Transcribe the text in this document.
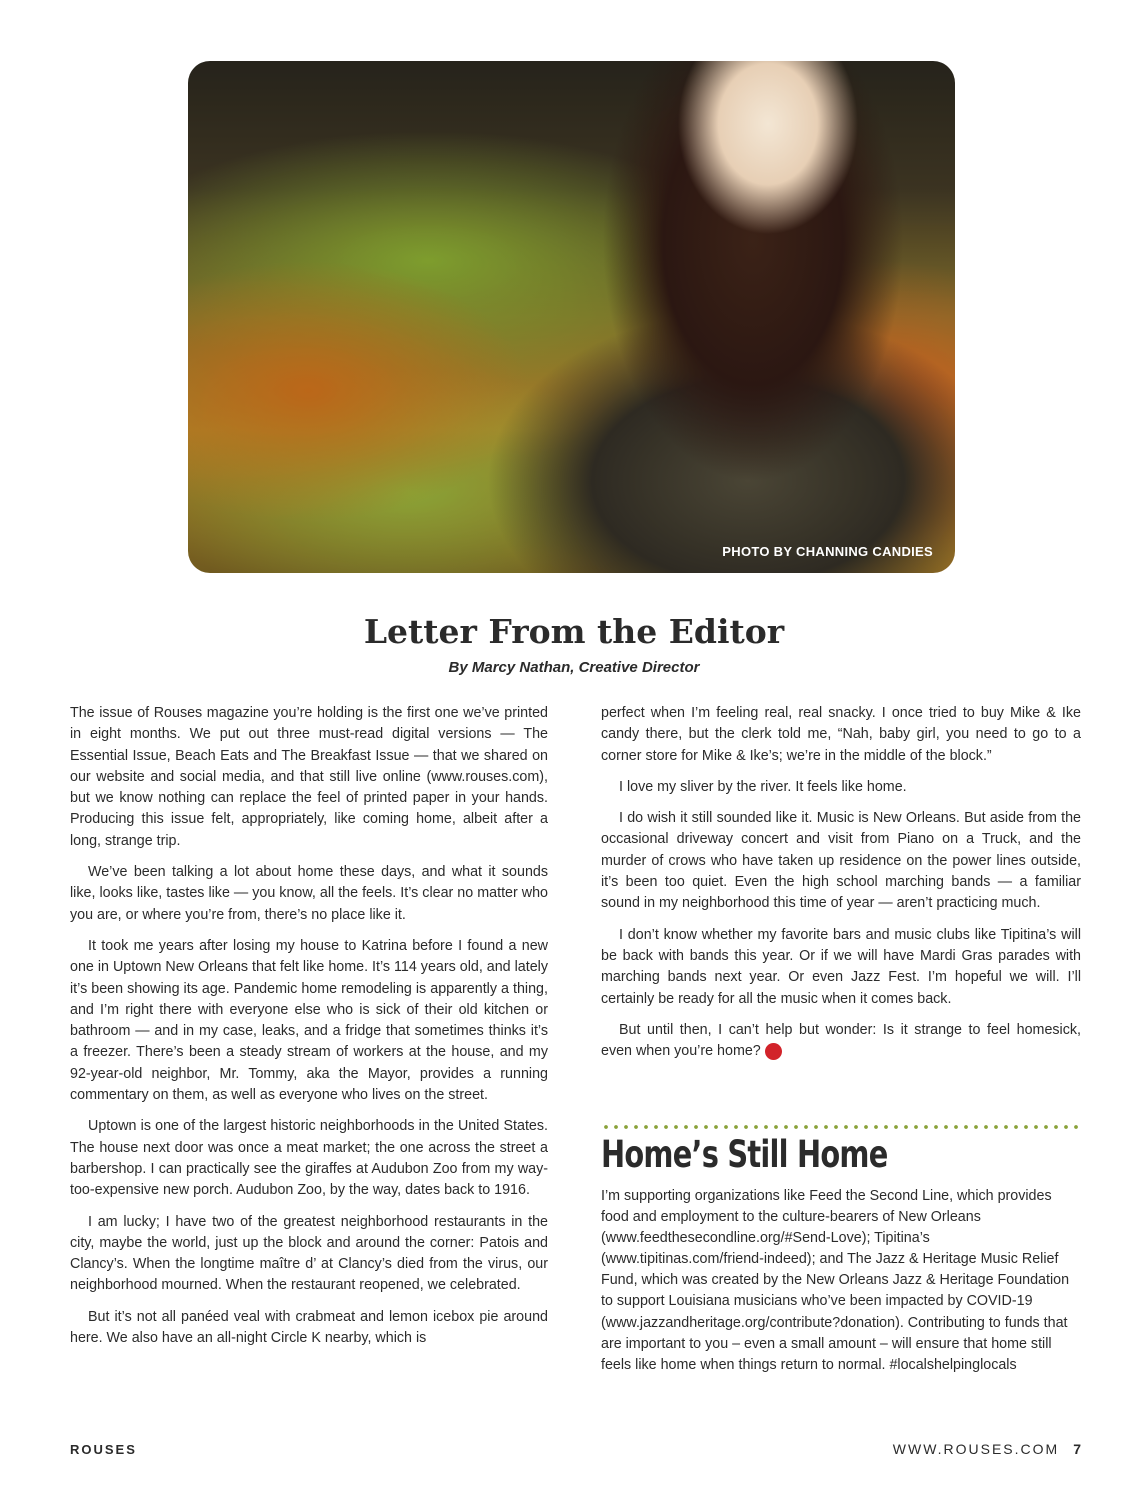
PHOTO BY CHANNING CANDIES
Letter From the Editor
By Marcy Nathan, Creative Director

The issue of Rouses magazine you’re holding is the first one we’ve printed in eight months. We put out three must-read digital versions — The Essential Issue, Beach Eats and The Breakfast Issue — that we shared on our website and social media, and that still live online (www.rouses.com), but we know nothing can replace the feel of printed paper in your hands. Producing this issue felt, appropriately, like coming home, albeit after a long, strange trip.

We’ve been talking a lot about home these days, and what it sounds like, looks like, tastes like — you know, all the feels. It’s clear no matter who you are, or where you’re from, there’s no place like it.

It took me years after losing my house to Katrina before I found a new one in Uptown New Orleans that felt like home. It’s 114 years old, and lately it’s been showing its age. Pandemic home remodeling is apparently a thing, and I’m right there with everyone else who is sick of their old kitchen or bathroom — and in my case, leaks, and a fridge that sometimes thinks it’s a freezer. There’s been a steady stream of workers at the house, and my 92-year-old neighbor, Mr. Tommy, aka the Mayor, provides a running commentary on them, as well as everyone who lives on the street.

Uptown is one of the largest historic neighborhoods in the United States. The house next door was once a meat market; the one across the street a barbershop. I can practically see the giraffes at Audubon Zoo from my way-too-expensive new porch. Audubon Zoo, by the way, dates back to 1916.

I am lucky; I have two of the greatest neighborhood restaurants in the city, maybe the world, just up the block and around the corner: Patois and Clancy’s. When the longtime maître d’ at Clancy’s died from the virus, our neighborhood mourned. When the restaurant reopened, we celebrated.

But it’s not all panéed veal with crabmeat and lemon icebox pie around here. We also have an all-night Circle K nearby, which is

perfect when I’m feeling real, real snacky. I once tried to buy Mike & Ike candy there, but the clerk told me, “Nah, baby girl, you need to go to a corner store for Mike & Ike’s; we’re in the middle of the block.”

I love my sliver by the river. It feels like home.

I do wish it still sounded like it. Music is New Orleans. But aside from the occasional driveway concert and visit from Piano on a Truck, and the murder of crows who have taken up residence on the power lines outside, it’s been too quiet. Even the high school marching bands — a familiar sound in my neighborhood this time of year — aren’t practicing much.

I don’t know whether my favorite bars and music clubs like Tipitina’s will be back with bands this year. Or if we will have Mardi Gras parades with marching bands next year. Or even Jazz Fest. I’m hopeful we will. I’ll certainly be ready for all the music when it comes back.

But until then, I can’t help but wonder: Is it strange to feel homesick, even when you’re home? R

Home’s Still Home

I’m supporting organizations like Feed the Second Line, which provides food and employment to the culture-bearers of New Orleans (www.feedthesecondline.org/#Send-Love); Tipitina’s (www.tipitinas.com/friend-indeed); and The Jazz & Heritage Music Relief Fund, which was created by the New Orleans Jazz & Heritage Foundation to support Louisiana musicians who’ve been impacted by COVID-19 (www.jazzandheritage.org/contribute?donation). Contributing to funds that are important to you – even a small amount – will ensure that home still feels like home when things return to normal. #localshelpinglocals

ROUSES	WWW.ROUSES.COM 7
